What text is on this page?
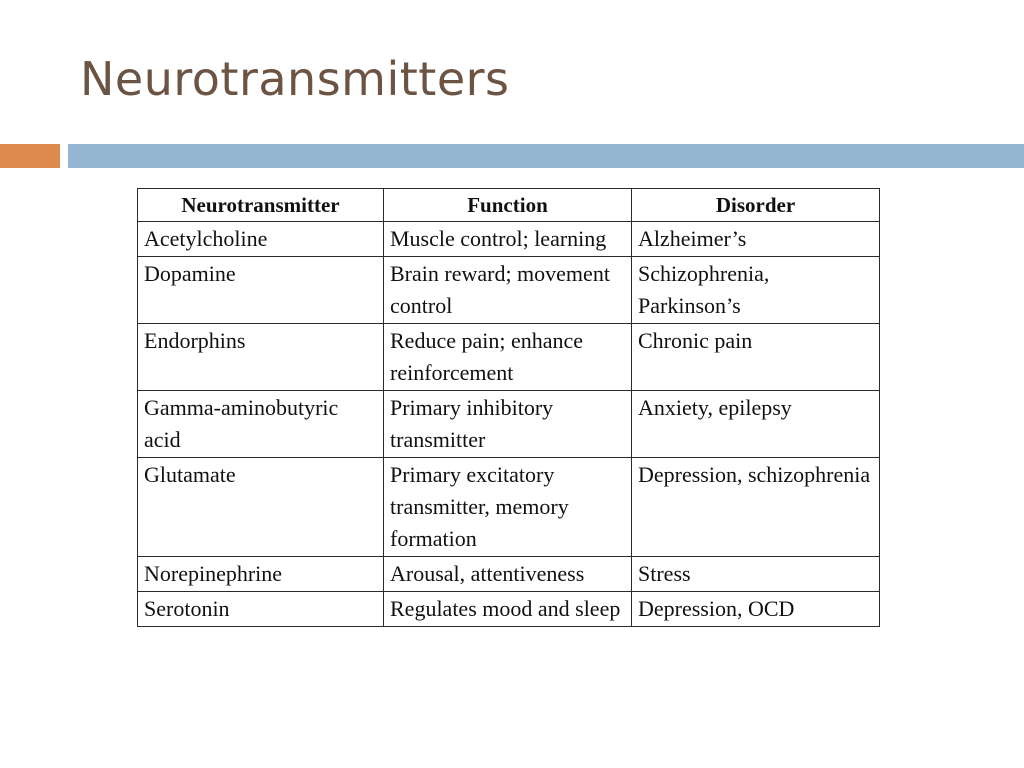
Neurotransmitters
Neurotransmitter	Function	Disorder
Acetylcholine	Muscle control; learning	Alzheimer’s
Dopamine	Brain reward; movement control	Schizophrenia, Parkinson’s
Endorphins	Reduce pain; enhance reinforcement	Chronic pain
Gamma-aminobutyric acid	Primary inhibitory transmitter	Anxiety, epilepsy
Glutamate	Primary excitatory transmitter, memory formation	Depression, schizophrenia
Norepinephrine	Arousal, attentiveness	Stress
Serotonin	Regulates mood and sleep	Depression, OCD
